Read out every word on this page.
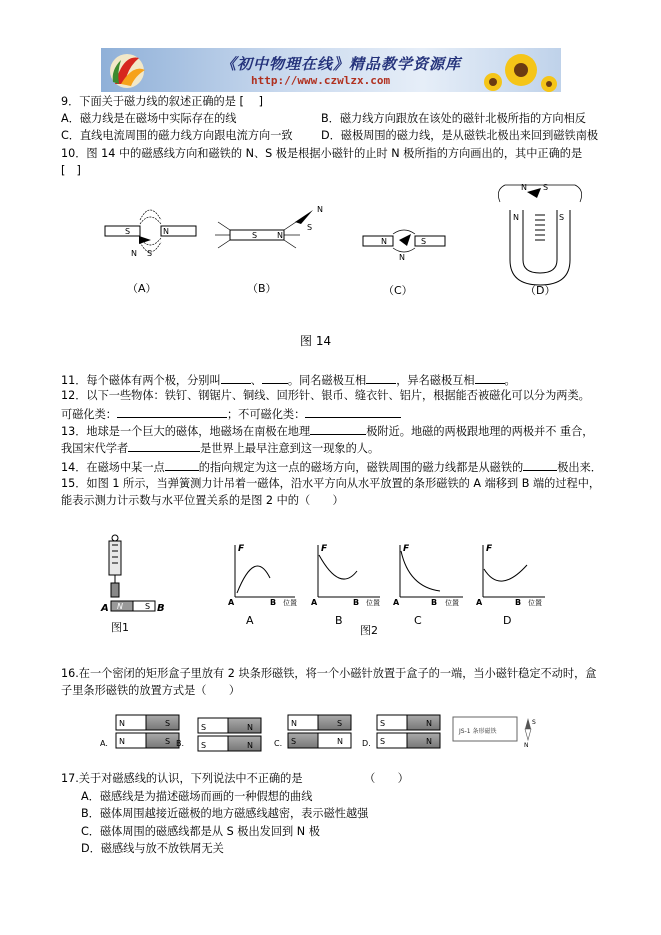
《初中物理在线》精品教学资源库
http://www.czwlzx.com
9．下面关于磁力线的叙述正确的是 [　 ]
A．磁力线是在磁场中实际存在的线	B．磁力线方向跟放在该处的磁针北极所指的方向相反
C．直线电流周围的磁力线方向跟电流方向一致	D．磁极周围的磁力线，是从磁铁北极出来回到磁铁南极
10．图 14 中的磁感线方向和磁铁的 N、S 极是根据小磁针的止时 N 极所指的方向画出的，其中正确的是
[　]
S	N
N S
S N
N
S
N	S
N
N	S
N S
（A）	（B）	（C）	（D）
图 14
11．每个磁体有两个极，分别叫	、 。同名磁极互相	，异名磁极互相	。
12．以下一些物体：铁钉、钢锯片、铜线、回形针、银币、缝衣针、铝片，根据能否被磁化可以分为两类。
可磁化类：	；不可磁化类：
13．地球是一个巨大的磁体，地磁场在南极在地理	极附近。地磁的两极跟地理的两极并不 重合，
我国宋代学者	是世界上最早注意到这一现象的人。
14．在磁场中某一点	的指向规定为这一点的磁场方向，磁铁周围的磁力线都是从磁铁的	极出来．
15．如图 1 所示，当弹簧测力计吊着一磁体，沿水平方向从水平放置的条形磁铁的 A 端移到 B 端的过程中，
能表示测力计示数与水平位置关系的是图 2 中的（　　）
N	S
A	B
F
A	B 位置
F
A	B 位置
F
A	B 位置
F
A	B 位置
图1
A	B
图2
C	D
16.在一个密闭的矩形盒子里放有 2 块条形磁铁，将一个小磁针放置于盒子的一端，当小磁针稳定不动时，盒
子里条形磁铁的放置方式是（　　）
N	S
N	S
A.
S	N
S	N
B.
N	S
S	N
C.
S	N
S	N
D.
JS-1 条形磁铁
S
N
17.关于对磁感线的认识，下列说法中不正确的是　　　　　　（　　）
A．磁感线是为描述磁场而画的一种假想的曲线
B．磁体周围越接近磁极的地方磁感线越密，表示磁性越强
C．磁体周围的磁感线都是从 S 极出发回到 N 极
D．磁感线与放不放铁屑无关
